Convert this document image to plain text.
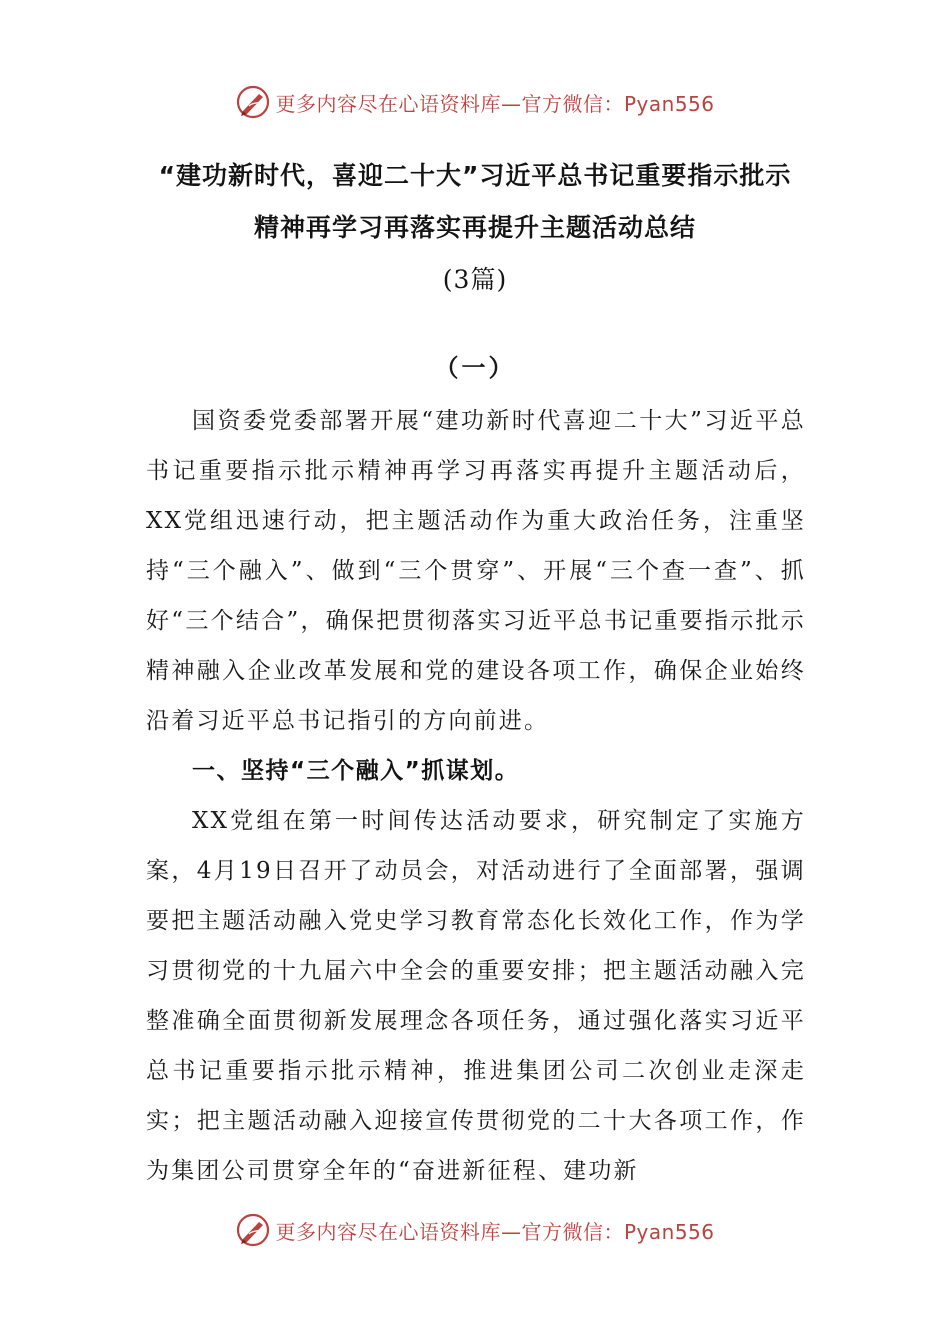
更多内容尽在心语资料库—官方微信：Pyan556
“建功新时代，喜迎二十大”习近平总书记重要指示批示
精神再学习再落实再提升主题活动总结
(3篇)
（一）

国资委党委部署开展“建功新时代喜迎二十大”习近平总书记重要指示批示精神再学习再落实再提升主题活动后，XX党组迅速行动，把主题活动作为重大政治任务，注重坚持“三个融入”、做到“三个贯穿”、开展“三个查一查”、抓好“三个结合”，确保把贯彻落实习近平总书记重要指示批示精神融入企业改革发展和党的建设各项工作，确保企业始终沿着习近平总书记指引的方向前进。

一、坚持“三个融入”抓谋划。

XX党组在第一时间传达活动要求，研究制定了实施方案，4月19日召开了动员会，对活动进行了全面部署，强调要把主题活动融入党史学习教育常态化长效化工作，作为学习贯彻党的十九届六中全会的重要安排；把主题活动融入完整准确全面贯彻新发展理念各项任务，通过强化落实习近平总书记重要指示批示精神，推进集团公司二次创业走深走实；把主题活动融入迎接宣传贯彻党的二十大各项工作，作为集团公司贯穿全年的“奋进新征程、建功新

更多内容尽在心语资料库—官方微信：Pyan556
